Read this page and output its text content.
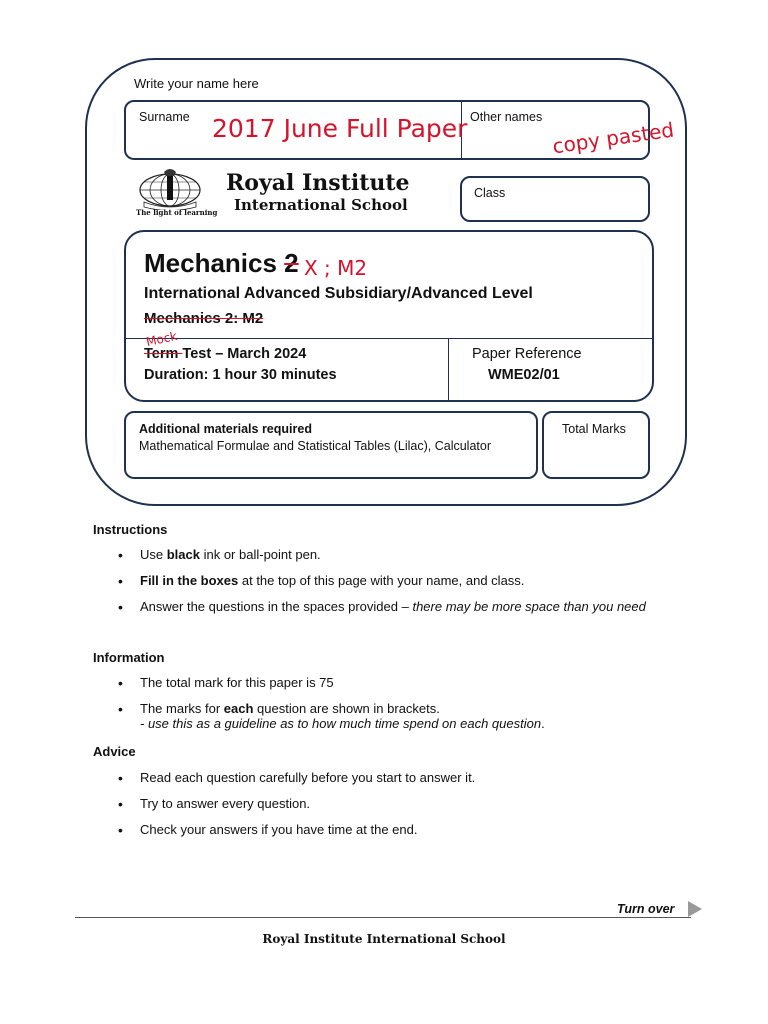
Write your name here
Surname	Other names
2017 June Full Paper	copy pasted
Royal Institute
International School
The light of learning
Class
Mechanics 2 X ; M2
International Advanced Subsidiary/Advanced Level
Mechanics 2: M2
Mock
Term Test – March 2024
Duration: 1 hour 30 minutes
Paper Reference
WME02/01
Additional materials required
Mathematical Formulae and Statistical Tables (Lilac), Calculator
Total Marks
Instructions
• Use black ink or ball-point pen.
• Fill in the boxes at the top of this page with your name, and class.
• Answer the questions in the spaces provided – there may be more space than you need
Information
• The total mark for this paper is 75
• The marks for each question are shown in brackets.
- use this as a guideline as to how much time spend on each question.
Advice
• Read each question carefully before you start to answer it.
• Try to answer every question.
• Check your answers if you have time at the end.
Turn over
Royal Institute International School
